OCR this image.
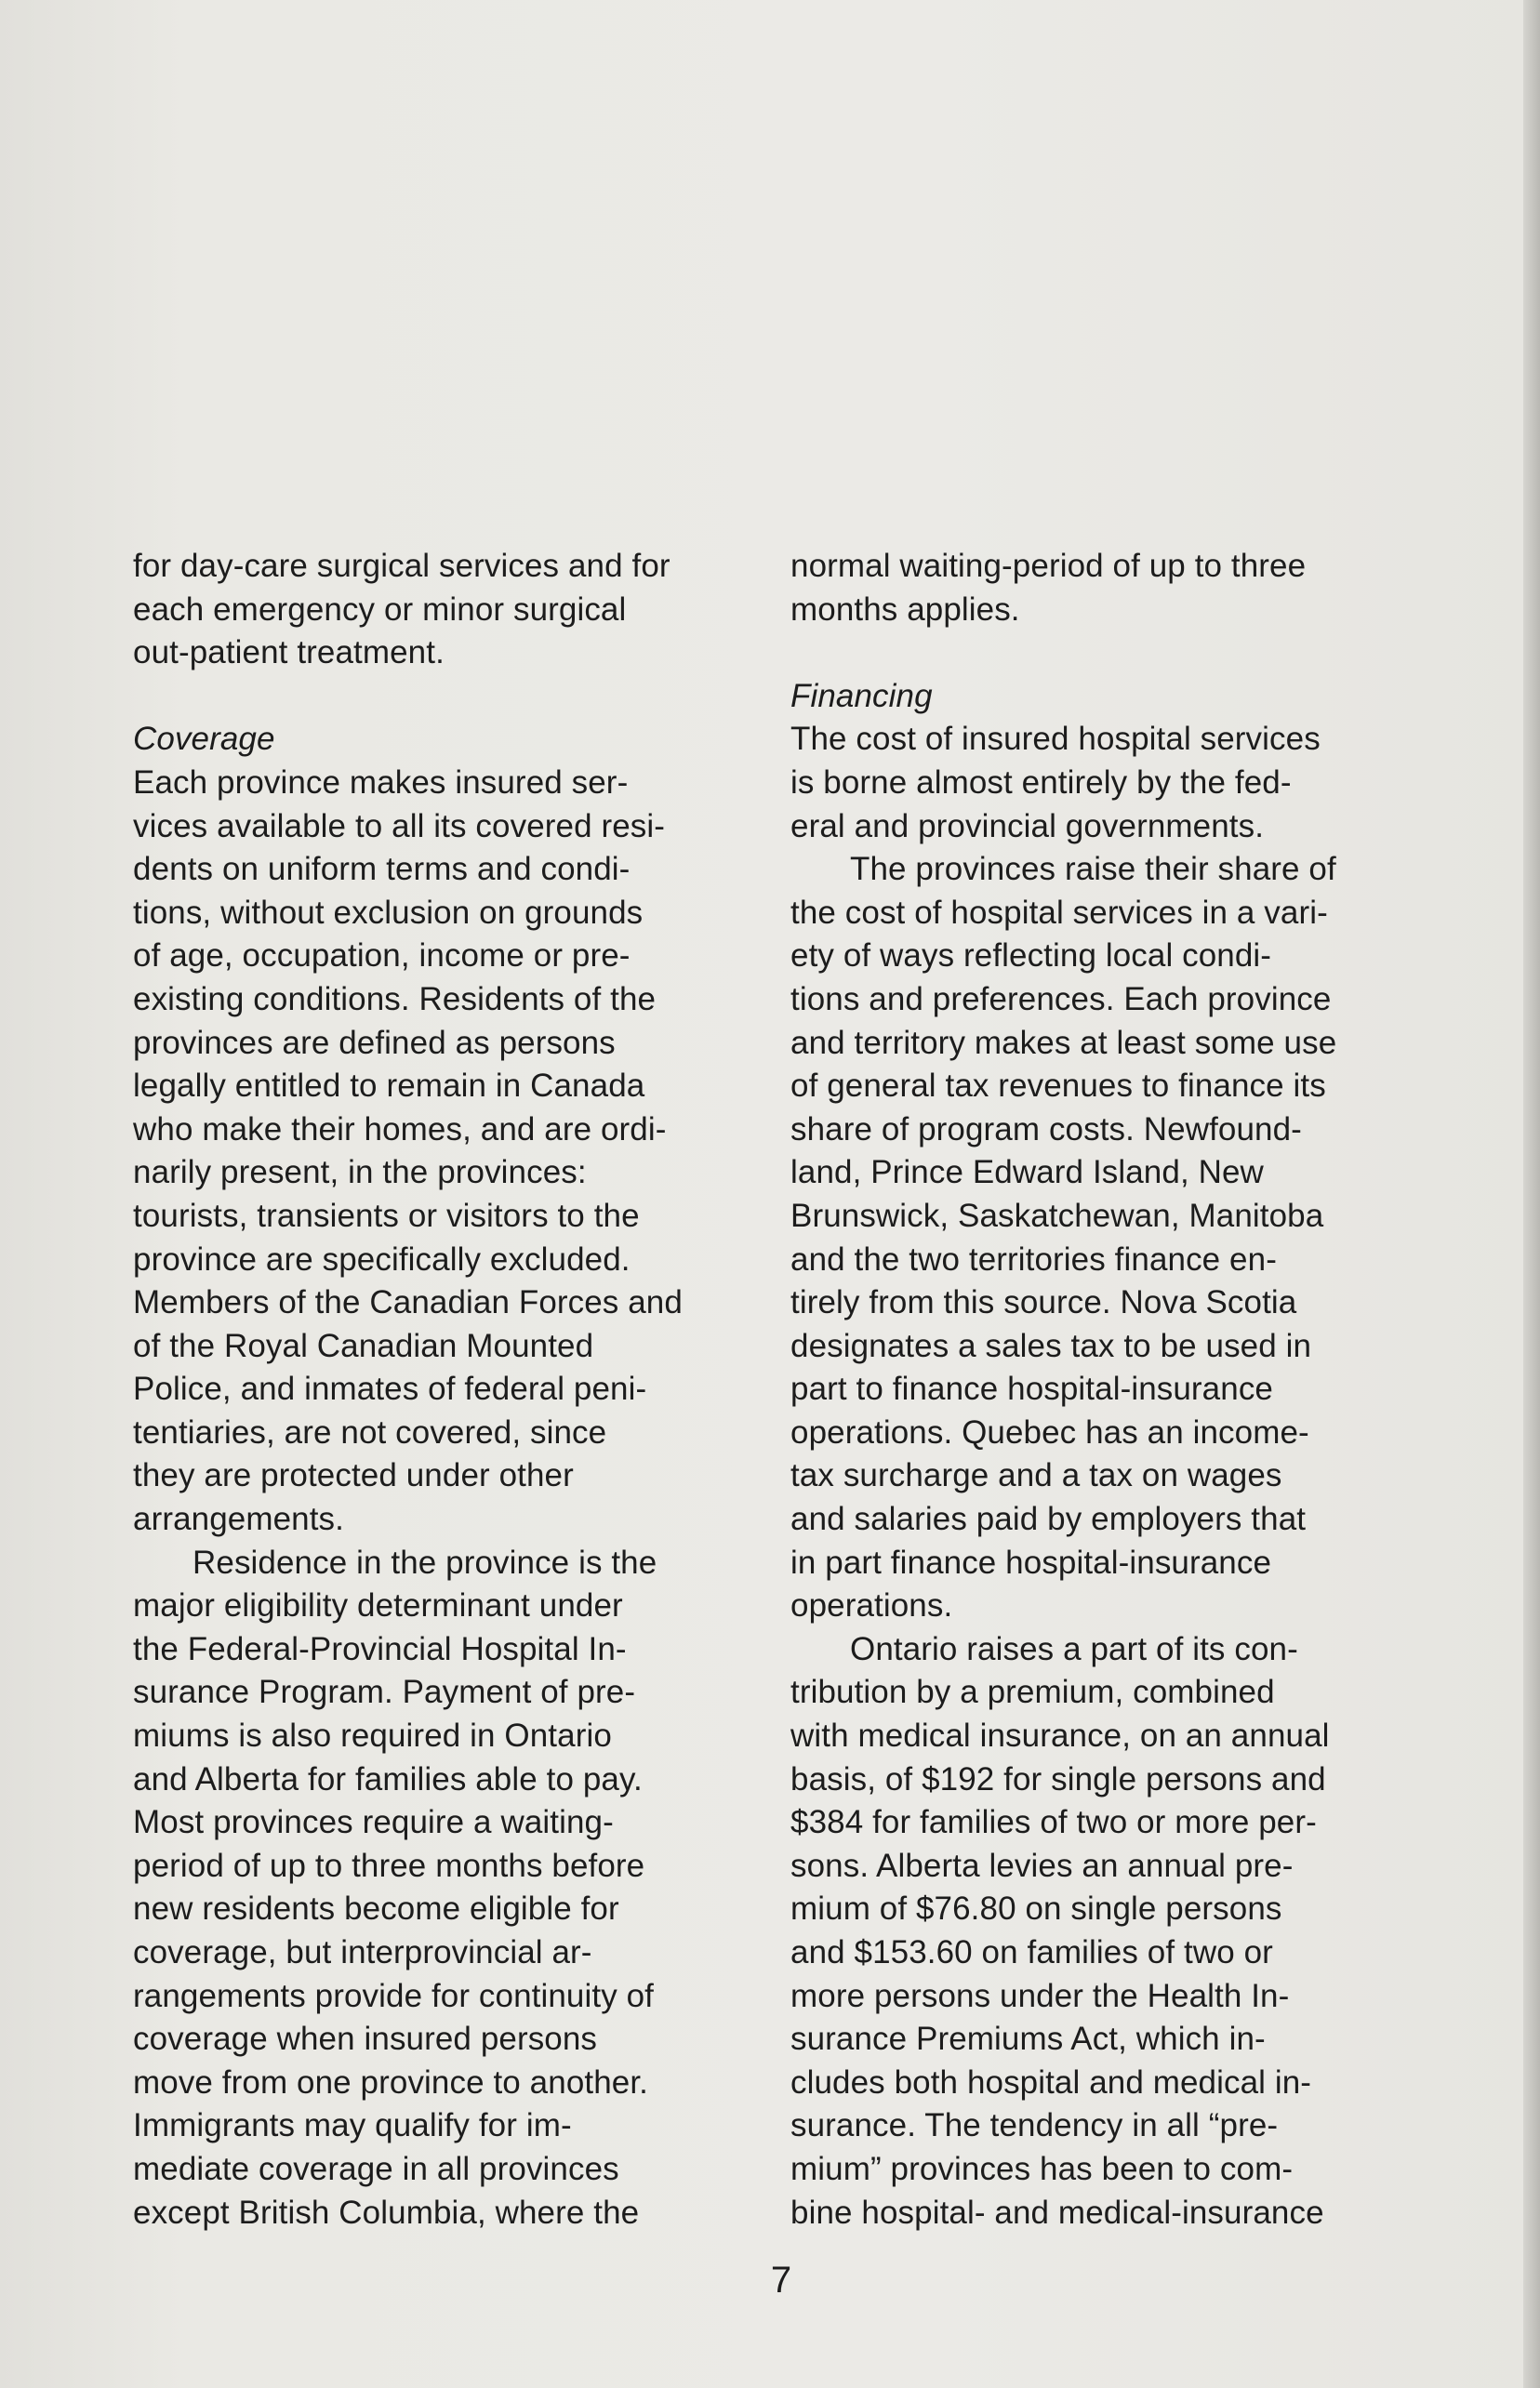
for day-care surgical services and for
each emergency or minor surgical
out-patient treatment.
Coverage
Each province makes insured ser-
vices available to all its covered resi-
dents on uniform terms and condi-
tions, without exclusion on grounds
of age, occupation, income or pre-
existing conditions. Residents of the
provinces are defined as persons
legally entitled to remain in Canada
who make their homes, and are ordi-
narily present, in the provinces:
tourists, transients or visitors to the
province are specifically excluded.
Members of the Canadian Forces and
of the Royal Canadian Mounted
Police, and inmates of federal peni-
tentiaries, are not covered, since
they are protected under other
arrangements.
Residence in the province is the
major eligibility determinant under
the Federal-Provincial Hospital In-
surance Program. Payment of pre-
miums is also required in Ontario
and Alberta for families able to pay.
Most provinces require a waiting-
period of up to three months before
new residents become eligible for
coverage, but interprovincial ar-
rangements provide for continuity of
coverage when insured persons
move from one province to another.
Immigrants may qualify for im-
mediate coverage in all provinces
except British Columbia, where the
normal waiting-period of up to three
months applies.
Financing
The cost of insured hospital services
is borne almost entirely by the fed-
eral and provincial governments.
The provinces raise their share of
the cost of hospital services in a vari-
ety of ways reflecting local condi-
tions and preferences. Each province
and territory makes at least some use
of general tax revenues to finance its
share of program costs. Newfound-
land, Prince Edward Island, New
Brunswick, Saskatchewan, Manitoba
and the two territories finance en-
tirely from this source. Nova Scotia
designates a sales tax to be used in
part to finance hospital-insurance
operations. Quebec has an income-
tax surcharge and a tax on wages
and salaries paid by employers that
in part finance hospital-insurance
operations.
Ontario raises a part of its con-
tribution by a premium, combined
with medical insurance, on an annual
basis, of $192 for single persons and
$384 for families of two or more per-
sons. Alberta levies an annual pre-
mium of $76.80 on single persons
and $153.60 on families of two or
more persons under the Health In-
surance Premiums Act, which in-
cludes both hospital and medical in-
surance. The tendency in all “pre-
mium” provinces has been to com-
bine hospital- and medical-insurance
7
